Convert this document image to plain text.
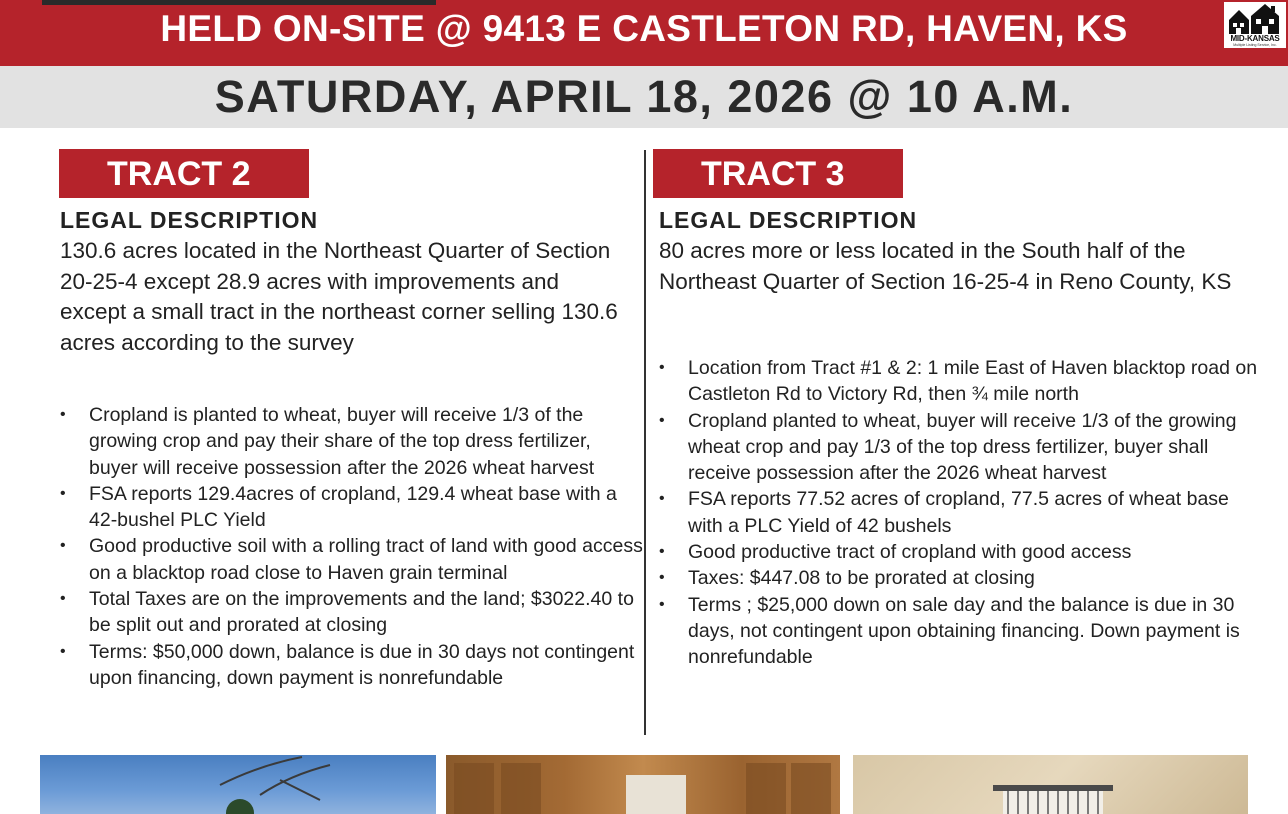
HELD ON-SITE @ 9413 E CASTLETON RD, HAVEN, KS	MID-KANSAS
Multiple Listing Service, Inc.
SATURDAY, APRIL 18, 2026 @ 10 A.M.
TRACT 2
LEGAL DESCRIPTION
130.6 acres located in the Northeast Quarter of Section 20-25-4 except 28.9 acres with improvements and except a small tract in the northeast corner selling 130.6 acres according to the survey
• Cropland is planted to wheat, buyer will receive 1/3 of the growing crop and pay their share of the top dress fertilizer, buyer will receive possession after the 2026 wheat harvest
• FSA reports 129.4acres of cropland, 129.4 wheat base with a 42-bushel PLC Yield
• Good productive soil with a rolling tract of land with good access on a blacktop road close to Haven grain terminal
• Total Taxes are on the improvements and the land; $3022.40 to be split out and prorated at closing
• Terms: $50,000 down, balance is due in 30 days not contingent upon financing, down payment is nonrefundable
TRACT 3
LEGAL DESCRIPTION
80 acres more or less located in the South half of the Northeast Quarter of Section 16-25-4 in Reno County, KS
• Location from Tract #1 & 2: 1 mile East of Haven blacktop road on Castleton Rd to Victory Rd, then ¾ mile north
• Cropland planted to wheat, buyer will receive 1/3 of the growing wheat crop and pay 1/3 of the top dress fertilizer, buyer shall receive possession after the 2026 wheat harvest
• FSA reports 77.52 acres of cropland, 77.5 acres of wheat base with a PLC Yield of 42 bushels
• Good productive tract of cropland with good access
• Taxes: $447.08 to be prorated at closing
• Terms ; $25,000 down on sale day and the balance is due in 30 days, not contingent upon obtaining financing. Down payment is nonrefundable
